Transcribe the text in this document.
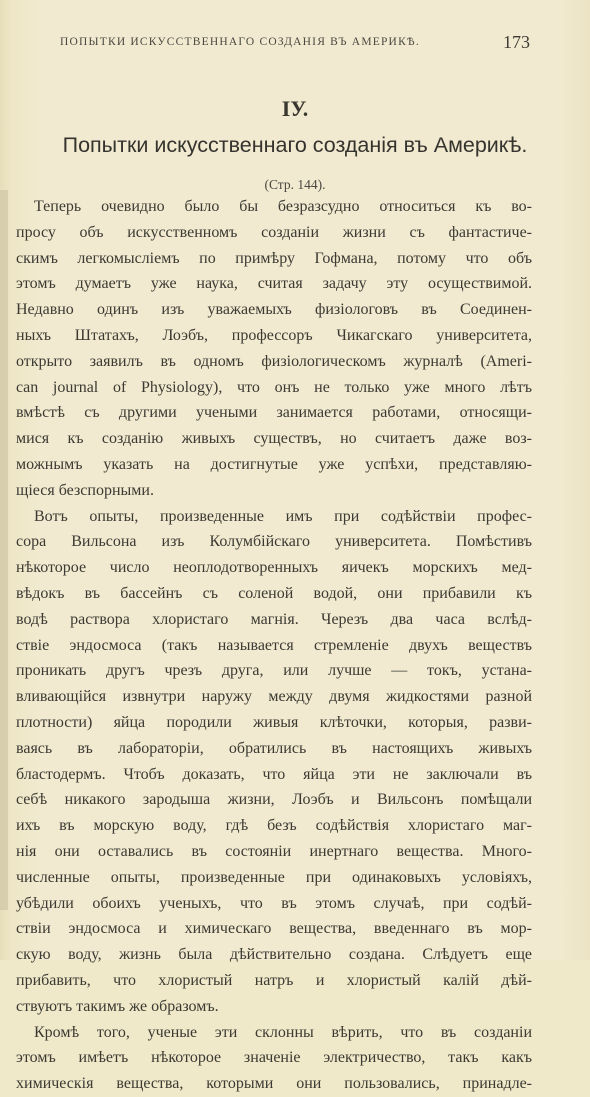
ПОПЫТКИ ИСКУССТВЕННАГО СОЗДАНІЯ ВЪ АМЕРИКѢ.	173
IУ.
Попытки искусственнаго созданія въ Америкѣ.
(Стр. 144).
Теперь очевидно было бы безразсудно относиться къ во-
просу объ искусственномъ созданіи жизни съ фантастиче-
скимъ легкомысліемъ по примѣру Гофмана, потому что объ
этомъ думаетъ уже наука, считая задачу эту осуществимой.
Недавно одинъ изъ уважаемыхъ физіологовъ въ Соединен-
ныхъ Штатахъ, Лоэбъ, профессоръ Чикагскаго университета,
открыто заявилъ въ одномъ физіологическомъ журналѣ (Ameri-
can journal of Physiology), что онъ не только уже много лѣтъ
вмѣстѣ съ другими учеными занимается работами, относящи-
мися къ созданію живыхъ существъ, но считаетъ даже воз-
можнымъ указать на достигнутые уже успѣхи, представляю-
щіеся безспорными.
Вотъ опыты, произведенные имъ при содѣйствіи профес-
сора Вильсона изъ Колумбійскаго университета. Помѣстивъ
нѣкоторое число неоплодотворенныхъ яичекъ морскихъ мед-
вѣдокъ въ бассейнъ съ соленой водой, они прибавили къ
водѣ раствора хлористаго магнія. Черезъ два часа вслѣд-
ствіе эндосмоса (такъ называется стремленіе двухъ веществъ
проникать другъ чрезъ друга, или лучше — токъ, устана-
вливающійся извнутри наружу между двумя жидкостями разной
плотности) яйца породили живыя клѣточки, которыя, разви-
ваясь въ лабораторіи, обратились въ настоящихъ живыхъ
бластодермъ. Чтобъ доказать, что яйца эти не заключали въ
себѣ никакого зародыша жизни, Лоэбъ и Вильсонъ помѣщали
ихъ въ морскую воду, гдѣ безъ содѣйствія хлористаго маг-
нія они оставались въ состояніи инертнаго вещества. Много-
численные опыты, произведенные при одинаковыхъ условіяхъ,
убѣдили обоихъ ученыхъ, что въ этомъ случаѣ, при содѣй-
ствіи эндосмоса и химическаго вещества, введеннаго въ мор-
скую воду, жизнь была дѣйствительно создана. Слѣдуетъ еще
прибавить, что хлористый натръ и хлористый калій дѣй-
ствуютъ такимъ же образомъ.
Кромѣ того, ученые эти склонны вѣрить, что въ созданіи
этомъ имѣетъ нѣкоторое значеніе электричество, такъ какъ
химическія вещества, которыми они пользовались, принадле-
